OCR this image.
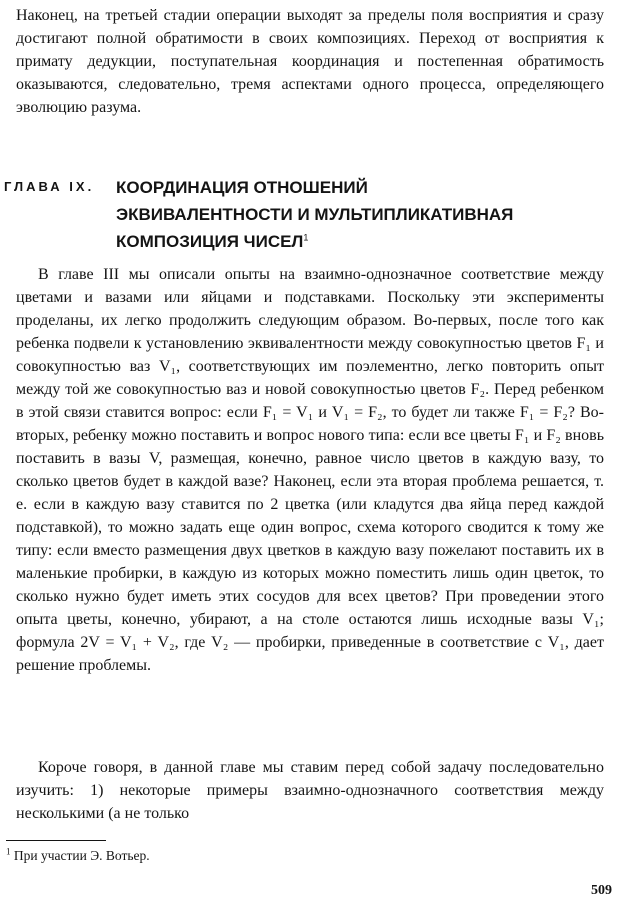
Наконец, на третьей стадии операции выходят за пределы поля восприятия и сразу достигают полной обратимости в своих композициях. Переход от восприятия к примату дедукции, поступательная координация и постепенная обратимость оказываются, следовательно, тремя аспектами одного процесса, определяющего эволюцию разума.

ГЛАВА IX. КООРДИНАЦИЯ ОТНОШЕНИЙ
ЭКВИВАЛЕНТНОСТИ И МУЛЬТИПЛИКАТИВНАЯ
КОМПОЗИЦИЯ ЧИСЕЛ$^1$

В главе III мы описали опыты на взаимно-однозначное соответствие между цветами и вазами или яйцами и подставками. Поскольку эти эксперименты проделаны, их легко продолжить следующим образом. Во-первых, после того как ребенка подвели к установлению эквивалентности между совокупностью цветов F₁ и совокупностью ваз V₁, соответствующих им поэлементно, легко повторить опыт между той же совокупностью ваз и новой совокупностью цветов F₂. Перед ребенком в этой связи ставится вопрос: если F₁ = V₁ и V₁ = F₂, то будет ли также F₁ = F₂? Во-вторых, ребенку можно поставить и вопрос нового типа: если все цветы F₁ и F₂ вновь поставить в вазы V, размещая, конечно, равное число цветов в каждую вазу, то сколько цветов будет в каждой вазе? Наконец, если эта вторая проблема решается, т. е. если в каждую вазу ставится по 2 цветка (или кладутся два яйца перед каждой подставкой), то можно задать еще один вопрос, схема которого сводится к тому же типу: если вместо размещения двух цветков в каждую вазу пожелают поставить их в маленькие пробирки, в каждую из которых можно поместить лишь один цветок, то сколько нужно будет иметь этих сосудов для всех цветов? При проведении этого опыта цветы, конечно, убирают, а на столе остаются лишь исходные вазы V₁; формула 2V = V₁ + V₂, где V₂ — пробирки, приведенные в соответствие с V₁, дает решение проблемы.

Короче говоря, в данной главе мы ставим перед собой задачу последовательно изучить: 1) некоторые примеры взаимно-однозначного соответствия между несколькими (а не только

$^1$ При участии Э. Вотьер.

509
